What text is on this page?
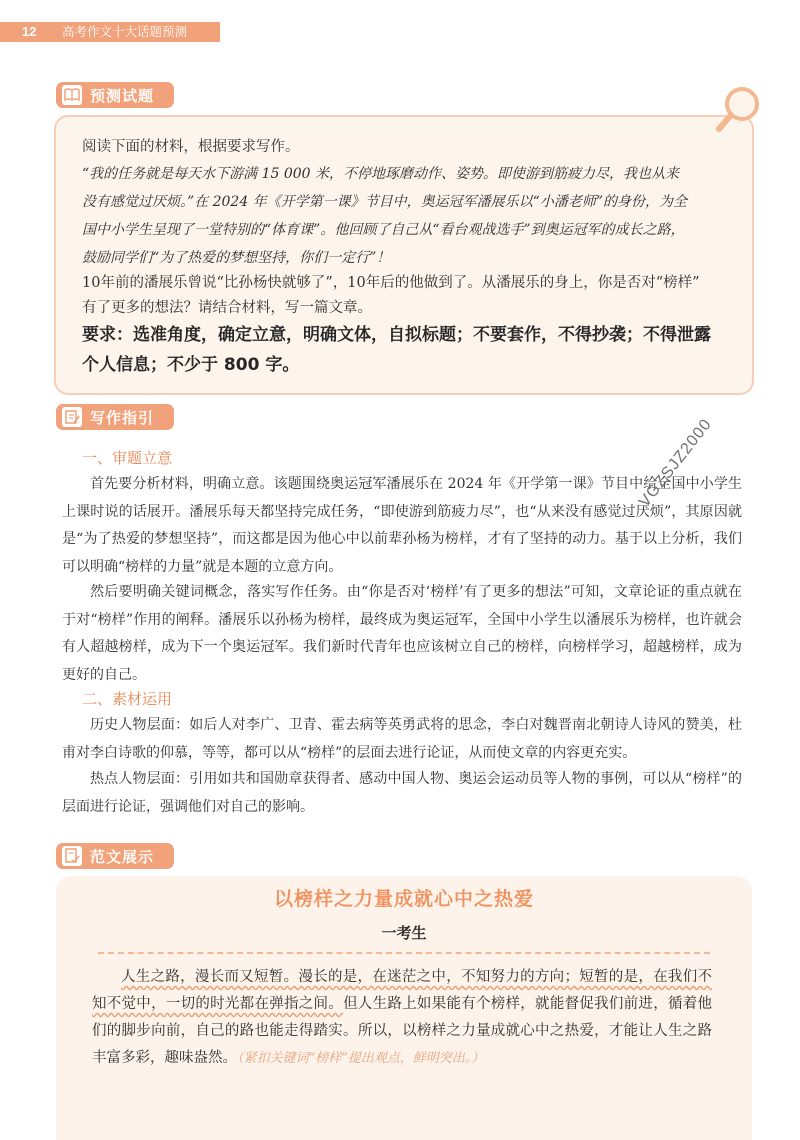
12 高考作文十大话题预测
预测试题

阅读下面的材料，根据要求写作。

“我的任务就是每天水下游满 15 000 米，不停地琢磨动作、姿势。即使游到筋疲力尽，我也从来

没有感觉过厌烦。”在 2024 年《开学第一课》节目中，奥运冠军潘展乐以“小潘老师”的身份，为全

国中小学生呈现了一堂特别的“体育课”。他回顾了自己从“看台观战选手”到奥运冠军的成长之路，

鼓励同学们“为了热爱的梦想坚持，你们一定行”！

10年前的潘展乐曾说“比孙杨快就够了”，10年后的他做到了。从潘展乐的身上，你是否对“榜样”

有了更多的想法？请结合材料，写一篇文章。

要求：选准角度，确定立意，明确文体，自拟标题；不要套作，不得抄袭；不得泄露

个人信息；不少于 800 字。

写作指引

一、审题立意

首先要分析材料，明确立意。该题围绕奥运冠军潘展乐在 2024 年《开学第一课》节目中给全国中小学生上课时说的话展开。潘展乐每天都坚持完成任务，“即使游到筋疲力尽”，也“从来没有感觉过厌烦”，其原因就是“为了热爱的梦想坚持”，而这都是因为他心中以前辈孙杨为榜样，才有了坚持的动力。基于以上分析，我们可以明确“榜样的力量”就是本题的立意方向。

然后要明确关键词概念，落实写作任务。由“你是否对‘榜样’有了更多的想法”可知，文章论证的重点就在于对“榜样”作用的阐释。潘展乐以孙杨为榜样，最终成为奥运冠军，全国中小学生以潘展乐为榜样，也许就会有人超越榜样，成为下一个奥运冠军。我们新时代青年也应该树立自己的榜样，向榜样学习，超越榜样，成为更好的自己。

二、素材运用

历史人物层面：如后人对李广、卫青、霍去病等英勇武将的思念，李白对魏晋南北朝诗人诗风的赞美，杜甫对李白诗歌的仰慕，等等，都可以从“榜样”的层面去进行论证，从而使文章的内容更充实。

热点人物层面：引用如共和国勋章获得者、感动中国人物、奥运会运动员等人物的事例，可以从“榜样”的层面进行论证，强调他们对自己的影响。

范文展示

以榜样之力量成就心中之热爱

一考生

人生之路，漫长而又短暂。漫长的是，在迷茫之中，不知努力的方向；短暂的是，在我们不知不觉中，一切的时光都在弹指之间。但人生路上如果能有个榜样，就能督促我们前进，循着他们的脚步向前，自己的路也能走得踏实。所以，以榜样之力量成就心中之热爱，才能让人生之路丰富多彩，趣味盎然。（紧扣关键词“榜样”提出观点，鲜明突出。）

VGZSJZ2000
